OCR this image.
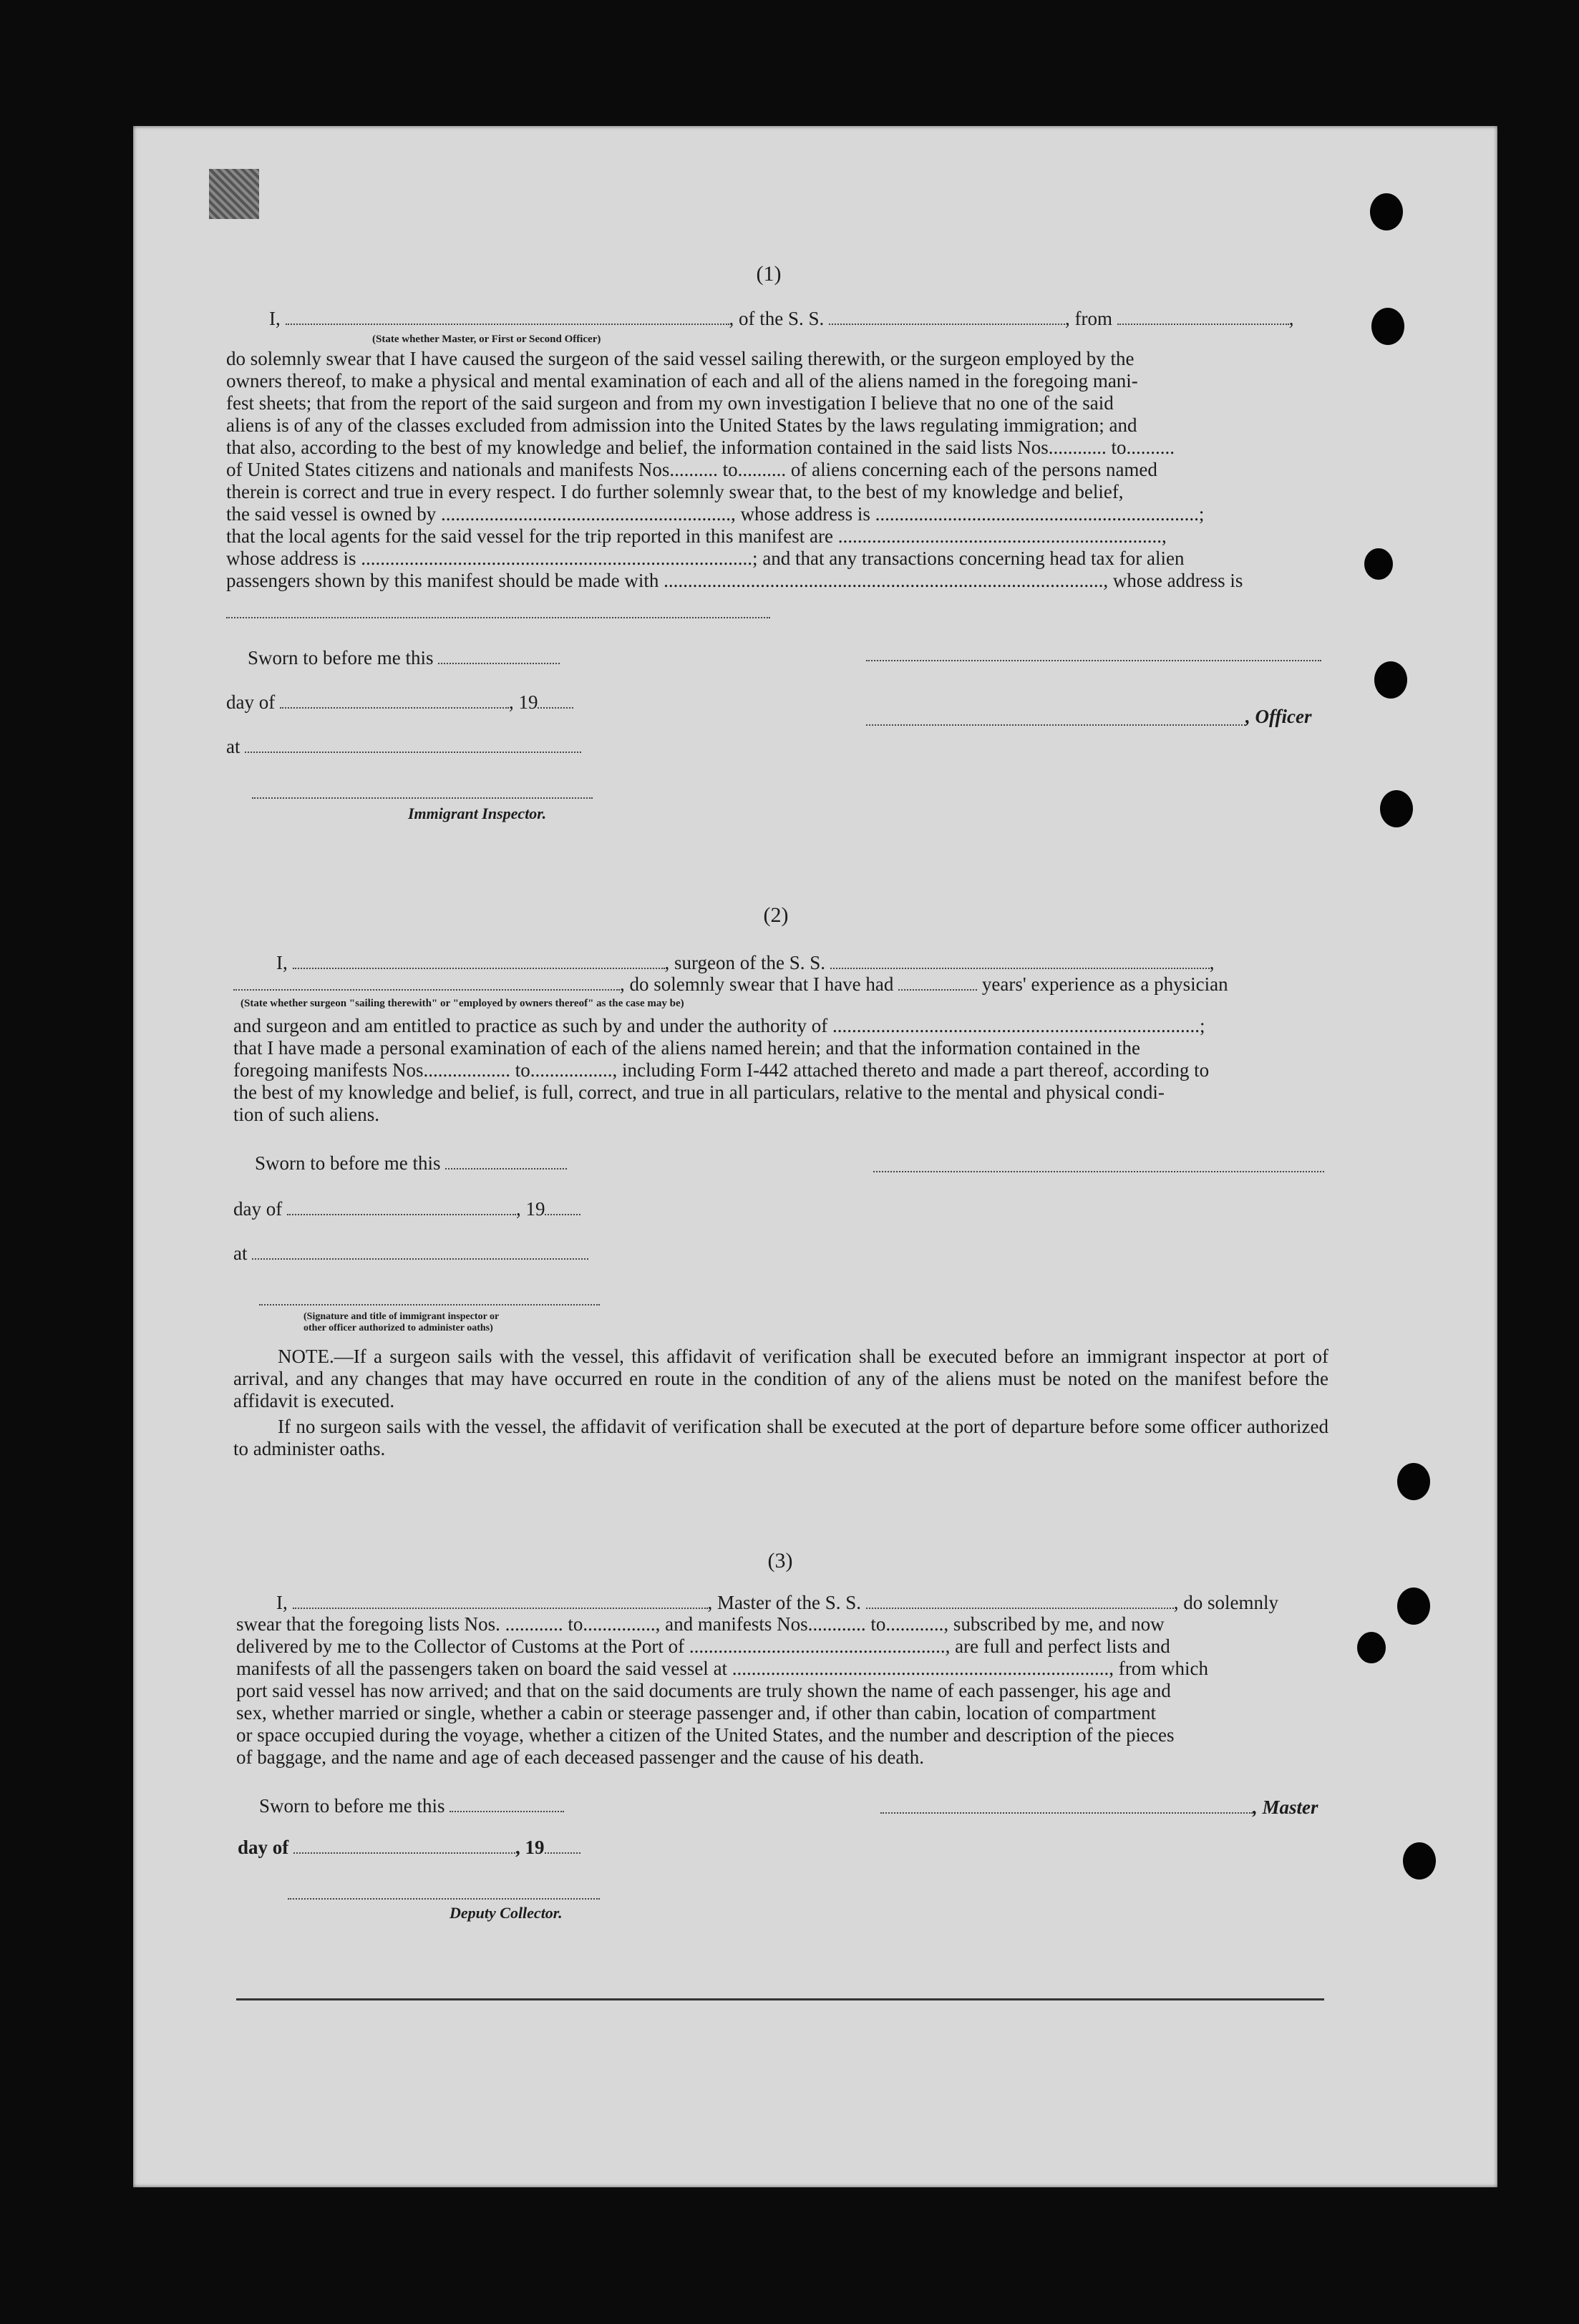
(1)
I,	, of the S. S.	, from	,
(State whether Master, or First or Second Officer)
do solemnly swear that I have caused the surgeon of the said vessel sailing therewith, or the surgeon employed by the
owners thereof, to make a physical and mental examination of each and all of the aliens named in the foregoing mani-
fest sheets; that from the report of the said surgeon and from my own investigation I believe that no one of the said
aliens is of any of the classes excluded from admission into the United States by the laws regulating immigration; and
that also, according to the best of my knowledge and belief, the information contained in the said lists Nos............ to..........
of United States citizens and nationals and manifests Nos.......... to.......... of aliens concerning each of the persons named
therein is correct and true in every respect. I do further solemnly swear that, to the best of my knowledge and belief,
the said vessel is owned by ............................................................, whose address is ...................................................................;
that the local agents for the said vessel for the trip reported in this manifest are ...................................................................,
whose address is .................................................................................; and that any transactions concerning head tax for alien
passengers shown by this manifest should be made with ..........................................................................................., whose address is
Sworn to before me this
day of	, 19
, Officer
at
Immigrant Inspector.
(2)
I,	, surgeon of the S. S.	,
, do solemnly swear that I have had	years' experience as a physician
(State whether surgeon "sailing therewith" or "employed by owners thereof" as the case may be)
and surgeon and am entitled to practice as such by and under the authority of ............................................................................;
that I have made a personal examination of each of the aliens named herein; and that the information contained in the
foregoing manifests Nos.................. to................., including Form I-442 attached thereto and made a part thereof, according to
the best of my knowledge and belief, is full, correct, and true in all particulars, relative to the mental and physical condi-
tion of such aliens.
Sworn to before me this
day of	, 19
at
(Signature and title of immigrant inspector or
other officer authorized to administer oaths)
NOTE.—If a surgeon sails with the vessel, this affidavit of verification shall be executed before an immigrant inspector at port of arrival, and any changes that may have occurred en route in the condition of any of the aliens must be noted on the manifest before the affidavit is executed.
If no surgeon sails with the vessel, the affidavit of verification shall be executed at the port of departure before some officer authorized to administer oaths.
(3)
I,	, Master of the S. S.	, do solemnly
swear that the foregoing lists Nos. ............ to..............., and manifests Nos............ to............, subscribed by me, and now
delivered by me to the Collector of Customs at the Port of ....................................................., are full and perfect lists and
manifests of all the passengers taken on board the said vessel at .............................................................................., from which
port said vessel has now arrived; and that on the said documents are truly shown the name of each passenger, his age and
sex, whether married or single, whether a cabin or steerage passenger and, if other than cabin, location of compartment
or space occupied during the voyage, whether a citizen of the United States, and the number and description of the pieces
of baggage, and the name and age of each deceased passenger and the cause of his death.
Sworn to before me this	, Master
day of	, 19
Deputy Collector.
